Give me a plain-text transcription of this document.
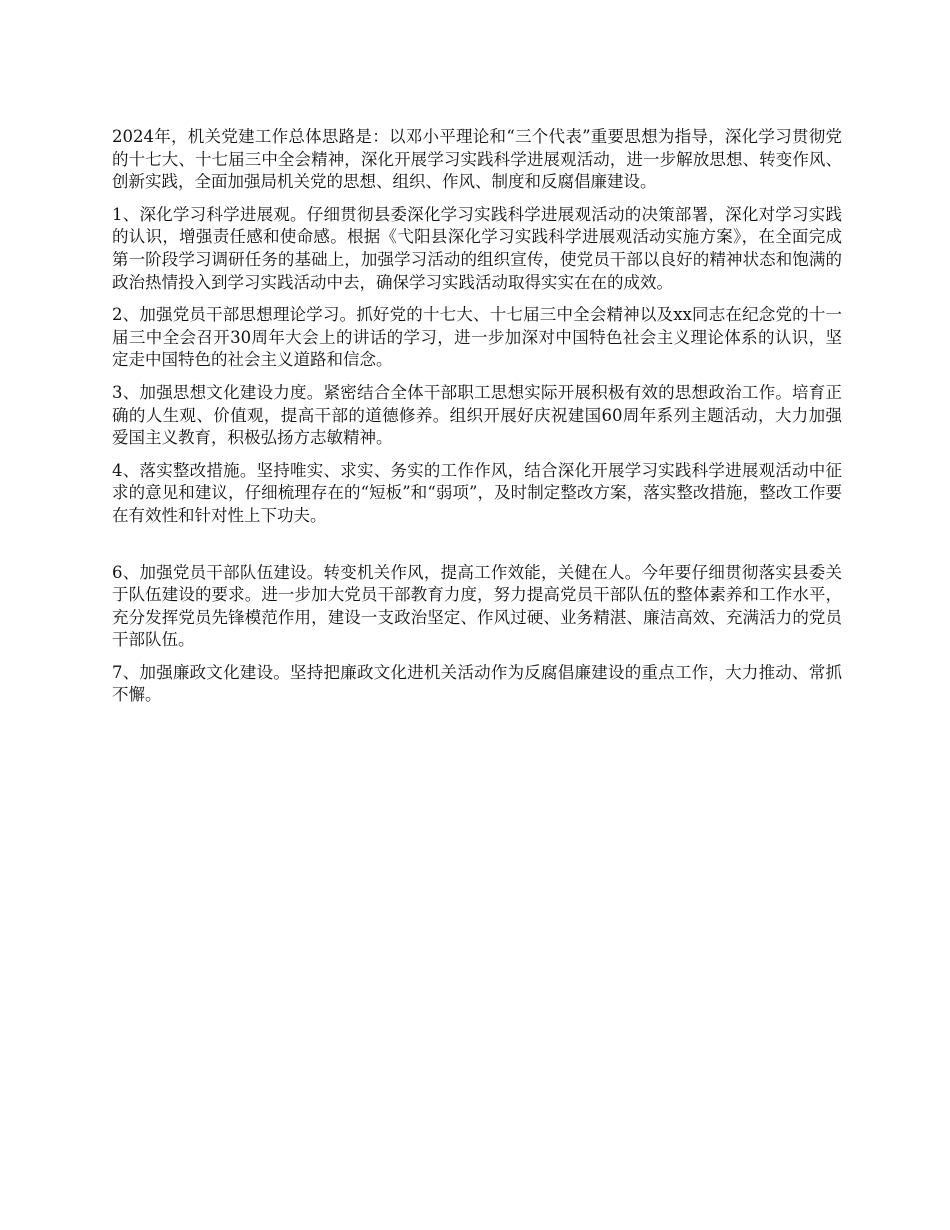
2024年，机关党建工作总体思路是：以邓小平理论和“三个代表”重要思想为指导，深化学习贯彻党的十七大、十七届三中全会精神，深化开展学习实践科学进展观活动，进一步解放思想、转变作风、创新实践，全面加强局机关党的思想、组织、作风、制度和反腐倡廉建设。

1、深化学习科学进展观。仔细贯彻县委深化学习实践科学进展观活动的决策部署，深化对学习实践的认识，增强责任感和使命感。根据《弋阳县深化学习实践科学进展观活动实施方案》，在全面完成第一阶段学习调研任务的基础上，加强学习活动的组织宣传，使党员干部以良好的精神状态和饱满的政治热情投入到学习实践活动中去，确保学习实践活动取得实实在在的成效。

2、加强党员干部思想理论学习。抓好党的十七大、十七届三中全会精神以及xx同志在纪念党的十一届三中全会召开30周年大会上的讲话的学习，进一步加深对中国特色社会主义理论体系的认识，坚定走中国特色的社会主义道路和信念。

3、加强思想文化建设力度。紧密结合全体干部职工思想实际开展积极有效的思想政治工作。培育正确的人生观、价值观，提高干部的道德修养。组织开展好庆祝建国60周年系列主题活动，大力加强爱国主义教育，积极弘扬方志敏精神。

4、落实整改措施。坚持唯实、求实、务实的工作作风，结合深化开展学习实践科学进展观活动中征求的意见和建议，仔细梳理存在的“短板”和“弱项”，及时制定整改方案，落实整改措施，整改工作要在有效性和针对性上下功夫。

6、加强党员干部队伍建设。转变机关作风，提高工作效能，关健在人。今年要仔细贯彻落实县委关于队伍建设的要求。进一步加大党员干部教育力度，努力提高党员干部队伍的整体素养和工作水平，充分发挥党员先锋模范作用，建设一支政治坚定、作风过硬、业务精湛、廉洁高效、充满活力的党员干部队伍。

7、加强廉政文化建设。坚持把廉政文化进机关活动作为反腐倡廉建设的重点工作，大力推动、常抓不懈。
